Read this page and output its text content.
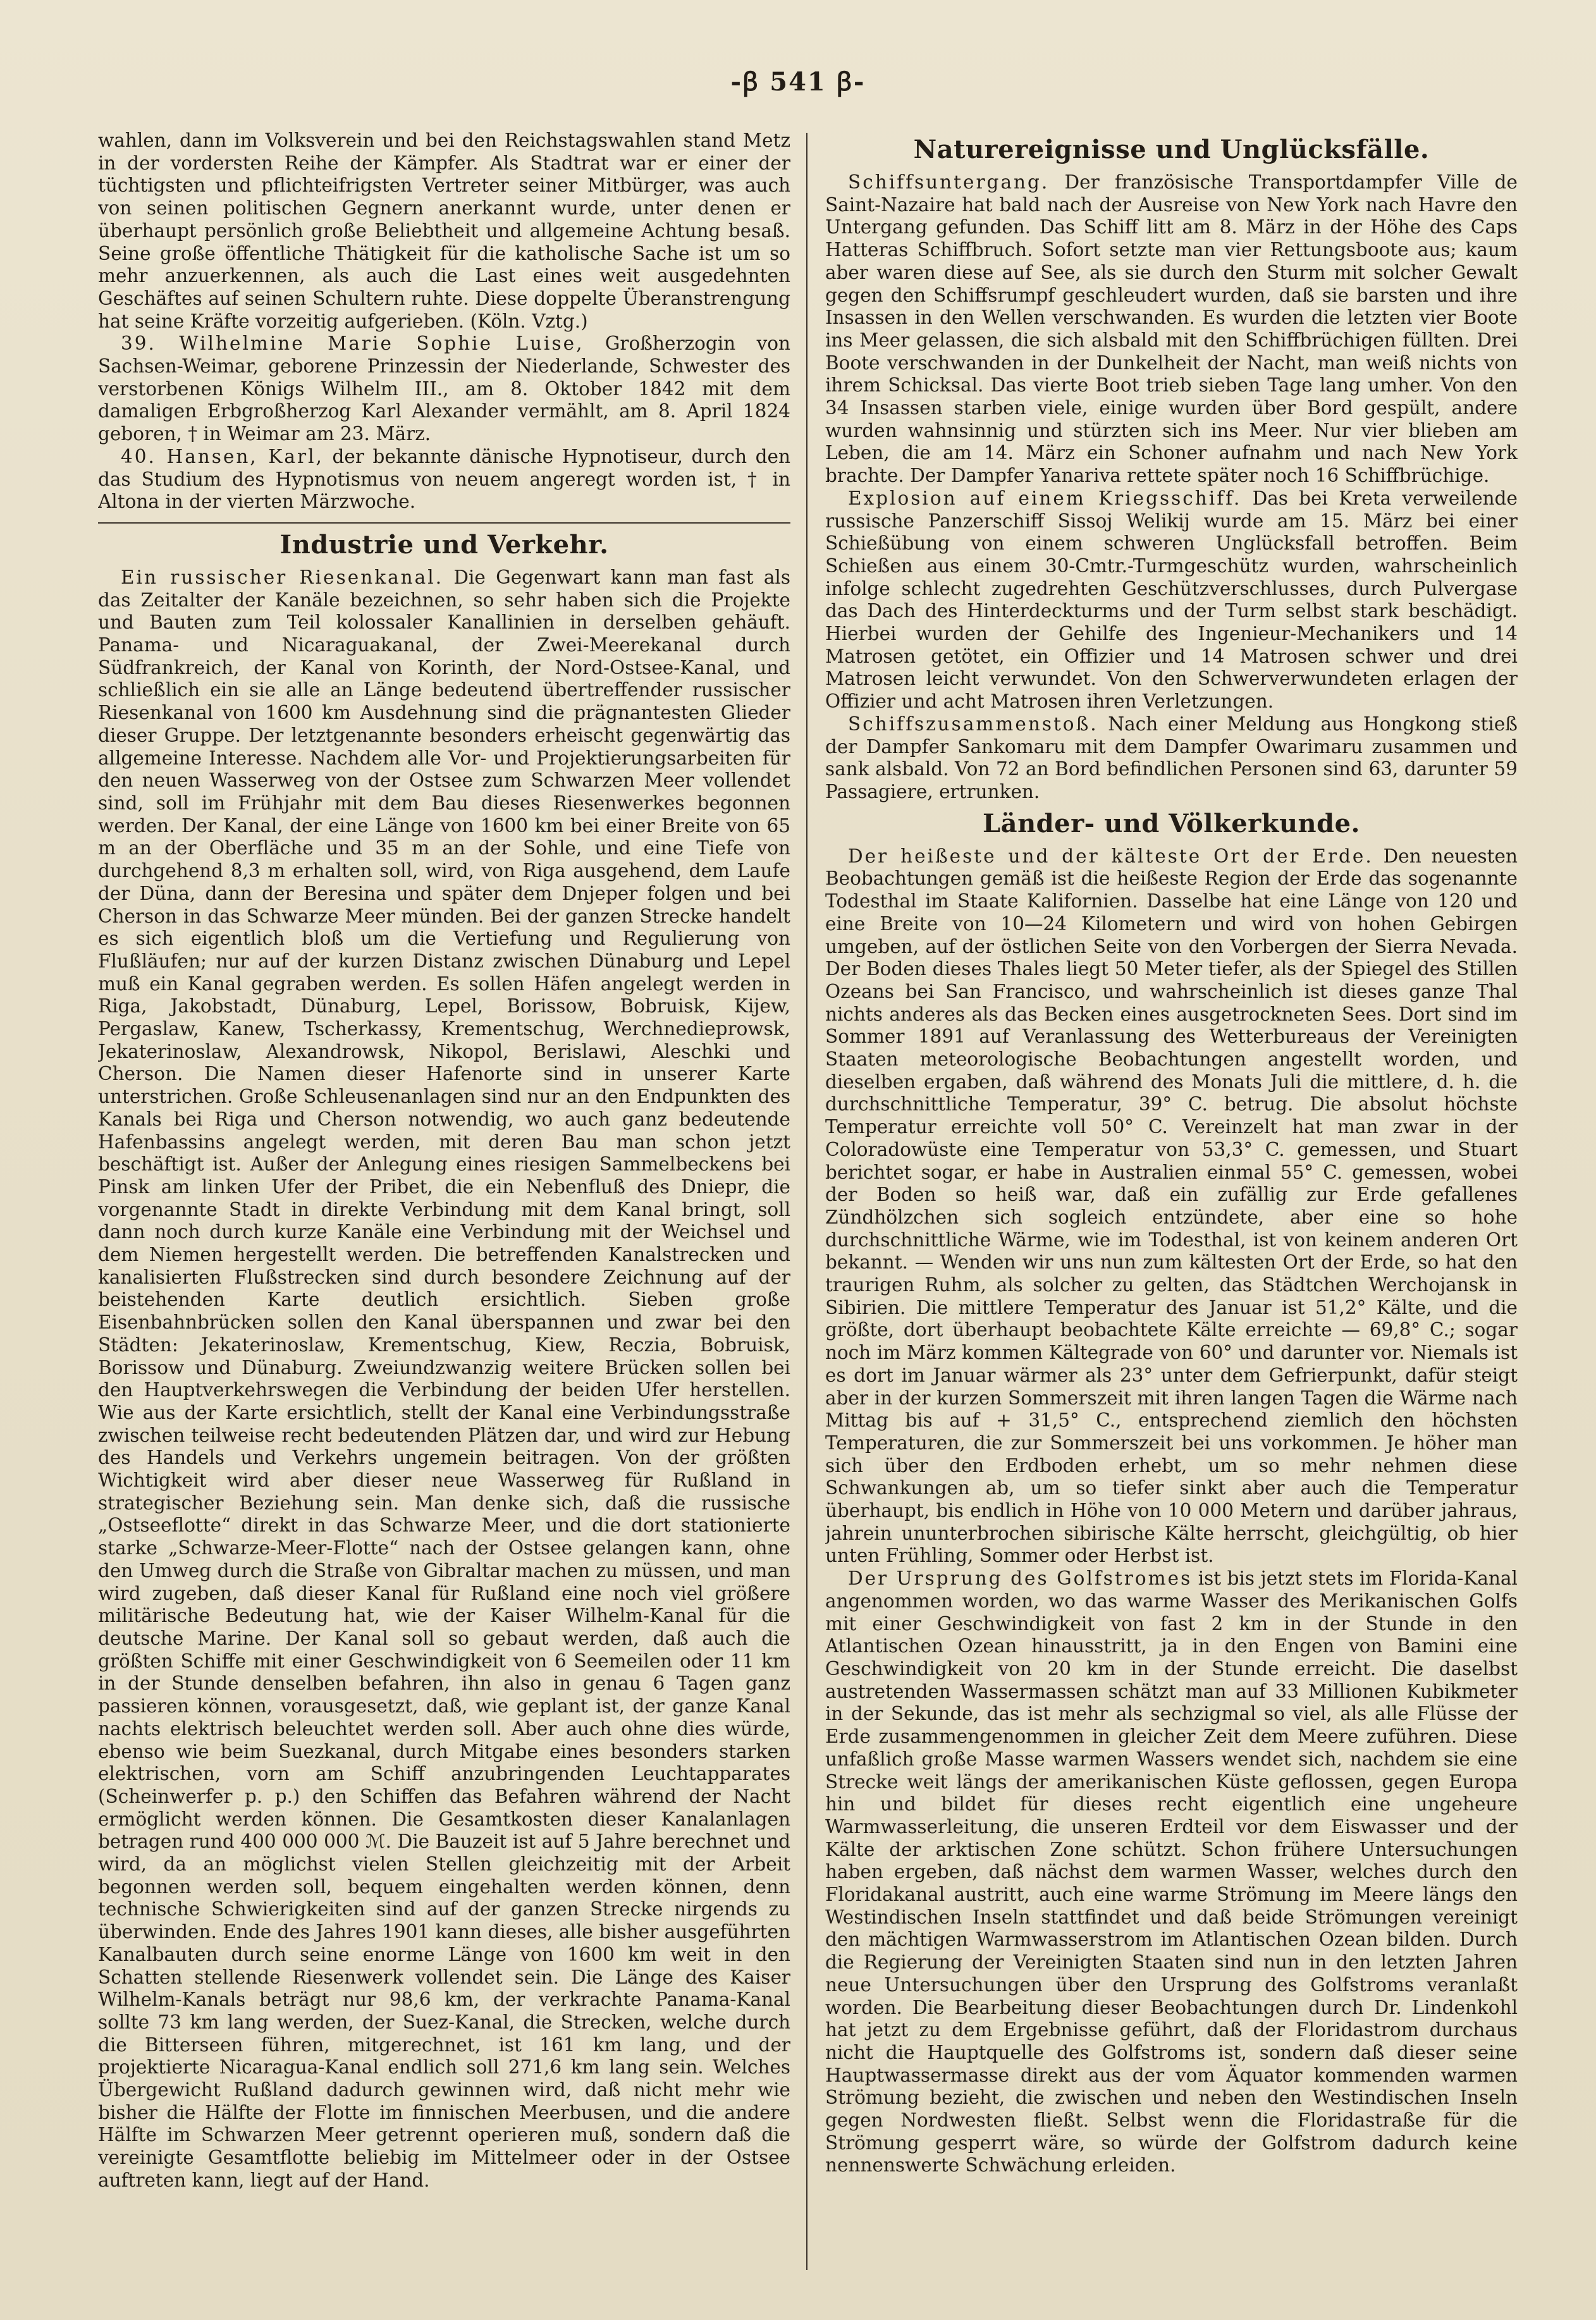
-ꞵ 541 ꞵ-

wahlen, dann im Volksverein und bei den Reichstagswahlen stand Metz in der vordersten Reihe der Kämpfer. Als Stadtrat war er einer der tüchtigsten und pflichteifrigsten Vertreter seiner Mitbürger, was auch von seinen politischen Gegnern anerkannt wurde, unter denen er überhaupt persönlich große Beliebtheit und allgemeine Achtung besaß. Seine große öffentliche Thätigkeit für die katholische Sache ist um so mehr anzuerkennen, als auch die Last eines weit ausgedehnten Geschäftes auf seinen Schultern ruhte. Diese doppelte Überanstrengung hat seine Kräfte vorzeitig aufgerieben. (Köln. Vztg.)

39. Wilhelmine Marie Sophie Luise, Großherzogin von Sachsen-Weimar, geborene Prinzessin der Niederlande, Schwester des verstorbenen Königs Wilhelm III., am 8. Oktober 1842 mit dem damaligen Erbgroßherzog Karl Alexander vermählt, am 8. April 1824 geboren, † in Weimar am 23. März.

40. Hansen, Karl, der bekannte dänische Hypnotiseur, durch den das Studium des Hypnotismus von neuem angeregt worden ist, † in Altona in der vierten Märzwoche.

Industrie und Verkehr.

Ein russischer Riesenkanal. Die Gegenwart kann man fast als das Zeitalter der Kanäle bezeichnen, so sehr haben sich die Projekte und Bauten zum Teil kolossaler Kanallinien in derselben gehäuft. Panama- und Nicaraguakanal, der Zwei-Meerekanal durch Südfrankreich, der Kanal von Korinth, der Nord-Ostsee-Kanal, und schließlich ein sie alle an Länge bedeutend übertreffender russischer Riesenkanal von 1600 km Ausdehnung sind die prägnantesten Glieder dieser Gruppe. Der letztgenannte besonders erheischt gegenwärtig das allgemeine Interesse. Nachdem alle Vor- und Projektierungsarbeiten für den neuen Wasserweg von der Ostsee zum Schwarzen Meer vollendet sind, soll im Frühjahr mit dem Bau dieses Riesenwerkes begonnen werden. Der Kanal, der eine Länge von 1600 km bei einer Breite von 65 m an der Oberfläche und 35 m an der Sohle, und eine Tiefe von durchgehend 8,3 m erhalten soll, wird, von Riga ausgehend, dem Laufe der Düna, dann der Beresina und später dem Dnjeper folgen und bei Cherson in das Schwarze Meer münden. Bei der ganzen Strecke handelt es sich eigentlich bloß um die Vertiefung und Regulierung von Flußläufen; nur auf der kurzen Distanz zwischen Dünaburg und Lepel muß ein Kanal gegraben werden. Es sollen Häfen angelegt werden in Riga, Jakobstadt, Dünaburg, Lepel, Borissow, Bobruisk, Kijew, Pergaslaw, Kanew, Tscherkassy, Krementschug, Werchnedieprowsk, Jekaterinoslaw, Alexandrowsk, Nikopol, Berislawi, Aleschki und Cherson. Die Namen dieser Hafenorte sind in unserer Karte unterstrichen. Große Schleusenanlagen sind nur an den Endpunkten des Kanals bei Riga und Cherson notwendig, wo auch ganz bedeutende Hafenbassins angelegt werden, mit deren Bau man schon jetzt beschäftigt ist. Außer der Anlegung eines riesigen Sammelbeckens bei Pinsk am linken Ufer der Pribet, die ein Nebenfluß des Dniepr, die vorgenannte Stadt in direkte Verbindung mit dem Kanal bringt, soll dann noch durch kurze Kanäle eine Verbindung mit der Weichsel und dem Niemen hergestellt werden. Die betreffenden Kanalstrecken und kanalisierten Flußstrecken sind durch besondere Zeichnung auf der beistehenden Karte deutlich ersichtlich. Sieben große Eisenbahnbrücken sollen den Kanal überspannen und zwar bei den Städten: Jekaterinoslaw, Krementschug, Kiew, Reczia, Bobruisk, Borissow und Dünaburg. Zweiundzwanzig weitere Brücken sollen bei den Hauptverkehrswegen die Verbindung der beiden Ufer herstellen. Wie aus der Karte ersichtlich, stellt der Kanal eine Verbindungsstraße zwischen teilweise recht bedeutenden Plätzen dar, und wird zur Hebung des Handels und Verkehrs ungemein beitragen. Von der größten Wichtigkeit wird aber dieser neue Wasserweg für Rußland in strategischer Beziehung sein. Man denke sich, daß die russische „Ostseeflotte“ direkt in das Schwarze Meer, und die dort stationierte starke „Schwarze-Meer-Flotte“ nach der Ostsee gelangen kann, ohne den Umweg durch die Straße von Gibraltar machen zu müssen, und man wird zugeben, daß dieser Kanal für Rußland eine noch viel größere militärische Bedeutung hat, wie der Kaiser Wilhelm-Kanal für die deutsche Marine. Der Kanal soll so gebaut werden, daß auch die größten Schiffe mit einer Geschwindigkeit von 6 Seemeilen oder 11 km in der Stunde denselben befahren, ihn also in genau 6 Tagen ganz passieren können, vorausgesetzt, daß, wie geplant ist, der ganze Kanal nachts elektrisch beleuchtet werden soll. Aber auch ohne dies würde, ebenso wie beim Suezkanal, durch Mitgabe eines besonders starken elektrischen, vorn am Schiff anzubringenden Leuchtapparates (Scheinwerfer p. p.) den Schiffen das Befahren während der Nacht ermöglicht werden können. Die Gesamtkosten dieser Kanalanlagen betragen rund 400 000 000 ℳ. Die Bauzeit ist auf 5 Jahre berechnet und wird, da an möglichst vielen Stellen gleichzeitig mit der Arbeit begonnen werden soll, bequem eingehalten werden können, denn technische Schwierigkeiten sind auf der ganzen Strecke nirgends zu überwinden. Ende des Jahres 1901 kann dieses, alle bisher ausgeführten Kanalbauten durch seine enorme Länge von 1600 km weit in den Schatten stellende Riesenwerk vollendet sein. Die Länge des Kaiser Wilhelm-Kanals beträgt nur 98,6 km, der verkrachte Panama-Kanal sollte 73 km lang werden, der Suez-Kanal, die Strecken, welche durch die Bitterseen führen, mitgerechnet, ist 161 km lang, und der projektierte Nicaragua-Kanal endlich soll 271,6 km lang sein. Welches Übergewicht Rußland dadurch gewinnen wird, daß nicht mehr wie bisher die Hälfte der Flotte im finnischen Meerbusen, und die andere Hälfte im Schwarzen Meer getrennt operieren muß, sondern daß die vereinigte Gesamtflotte beliebig im Mittelmeer oder in der Ostsee auftreten kann, liegt auf der Hand.

Naturereignisse und Unglücksfälle.

Schiffsuntergang. Der französische Transportdampfer Ville de Saint-Nazaire hat bald nach der Ausreise von New York nach Havre den Untergang gefunden. Das Schiff litt am 8. März in der Höhe des Caps Hatteras Schiffbruch. Sofort setzte man vier Rettungsboote aus; kaum aber waren diese auf See, als sie durch den Sturm mit solcher Gewalt gegen den Schiffsrumpf geschleudert wurden, daß sie barsten und ihre Insassen in den Wellen verschwanden. Es wurden die letzten vier Boote ins Meer gelassen, die sich alsbald mit den Schiffbrüchigen füllten. Drei Boote verschwanden in der Dunkelheit der Nacht, man weiß nichts von ihrem Schicksal. Das vierte Boot trieb sieben Tage lang umher. Von den 34 Insassen starben viele, einige wurden über Bord gespült, andere wurden wahnsinnig und stürzten sich ins Meer. Nur vier blieben am Leben, die am 14. März ein Schoner aufnahm und nach New York brachte. Der Dampfer Yanariva rettete später noch 16 Schiffbrüchige.

Explosion auf einem Kriegsschiff. Das bei Kreta verweilende russische Panzerschiff Sissoj Welikij wurde am 15. März bei einer Schießübung von einem schweren Unglücksfall betroffen. Beim Schießen aus einem 30-Cmtr.-Turmgeschütz wurden, wahrscheinlich infolge schlecht zugedrehten Geschützverschlusses, durch Pulvergase das Dach des Hinterdeckturms und der Turm selbst stark beschädigt. Hierbei wurden der Gehilfe des Ingenieur-Mechanikers und 14 Matrosen getötet, ein Offizier und 14 Matrosen schwer und drei Matrosen leicht verwundet. Von den Schwerverwundeten erlagen der Offizier und acht Matrosen ihren Verletzungen.

Schiffszusammenstoß. Nach einer Meldung aus Hongkong stieß der Dampfer Sankomaru mit dem Dampfer Owarimaru zusammen und sank alsbald. Von 72 an Bord befindlichen Personen sind 63, darunter 59 Passagiere, ertrunken.

Länder- und Völkerkunde.

Der heißeste und der kälteste Ort der Erde. Den neuesten Beobachtungen gemäß ist die heißeste Region der Erde das sogenannte Todesthal im Staate Kalifornien. Dasselbe hat eine Länge von 120 und eine Breite von 10—24 Kilometern und wird von hohen Gebirgen umgeben, auf der östlichen Seite von den Vorbergen der Sierra Nevada. Der Boden dieses Thales liegt 50 Meter tiefer, als der Spiegel des Stillen Ozeans bei San Francisco, und wahrscheinlich ist dieses ganze Thal nichts anderes als das Becken eines ausgetrockneten Sees. Dort sind im Sommer 1891 auf Veranlassung des Wetterbureaus der Vereinigten Staaten meteorologische Beobachtungen angestellt worden, und dieselben ergaben, daß während des Monats Juli die mittlere, d. h. die durchschnittliche Temperatur, 39° C. betrug. Die absolut höchste Temperatur erreichte voll 50° C. Vereinzelt hat man zwar in der Coloradowüste eine Temperatur von 53,3° C. gemessen, und Stuart berichtet sogar, er habe in Australien einmal 55° C. gemessen, wobei der Boden so heiß war, daß ein zufällig zur Erde gefallenes Zündhölzchen sich sogleich entzündete, aber eine so hohe durchschnittliche Wärme, wie im Todesthal, ist von keinem anderen Ort bekannt. — Wenden wir uns nun zum kältesten Ort der Erde, so hat den traurigen Ruhm, als solcher zu gelten, das Städtchen Werchojansk in Sibirien. Die mittlere Temperatur des Januar ist 51,2° Kälte, und die größte, dort überhaupt beobachtete Kälte erreichte — 69,8° C.; sogar noch im März kommen Kältegrade von 60° und darunter vor. Niemals ist es dort im Januar wärmer als 23° unter dem Gefrierpunkt, dafür steigt aber in der kurzen Sommerszeit mit ihren langen Tagen die Wärme nach Mittag bis auf + 31,5° C., entsprechend ziemlich den höchsten Temperaturen, die zur Sommerszeit bei uns vorkommen. Je höher man sich über den Erdboden erhebt, um so mehr nehmen diese Schwankungen ab, um so tiefer sinkt aber auch die Temperatur überhaupt, bis endlich in Höhe von 10 000 Metern und darüber jahraus, jahrein ununterbrochen sibirische Kälte herrscht, gleichgültig, ob hier unten Frühling, Sommer oder Herbst ist.

Der Ursprung des Golfstromes ist bis jetzt stets im Florida-Kanal angenommen worden, wo das warme Wasser des Merikanischen Golfs mit einer Geschwindigkeit von fast 2 km in der Stunde in den Atlantischen Ozean hinausstritt, ja in den Engen von Bamini eine Geschwindigkeit von 20 km in der Stunde erreicht. Die daselbst austretenden Wassermassen schätzt man auf 33 Millionen Kubikmeter in der Sekunde, das ist mehr als sechzigmal so viel, als alle Flüsse der Erde zusammengenommen in gleicher Zeit dem Meere zuführen. Diese unfaßlich große Masse warmen Wassers wendet sich, nachdem sie eine Strecke weit längs der amerikanischen Küste geflossen, gegen Europa hin und bildet für dieses recht eigentlich eine ungeheure Warmwasserleitung, die unseren Erdteil vor dem Eiswasser und der Kälte der arktischen Zone schützt. Schon frühere Untersuchungen haben ergeben, daß nächst dem warmen Wasser, welches durch den Floridakanal austritt, auch eine warme Strömung im Meere längs den Westindischen Inseln stattfindet und daß beide Strömungen vereinigt den mächtigen Warmwasserstrom im Atlantischen Ozean bilden. Durch die Regierung der Vereinigten Staaten sind nun in den letzten Jahren neue Untersuchungen über den Ursprung des Golfstroms veranlaßt worden. Die Bearbeitung dieser Beobachtungen durch Dr. Lindenkohl hat jetzt zu dem Ergebnisse geführt, daß der Floridastrom durchaus nicht die Hauptquelle des Golfstroms ist, sondern daß dieser seine Hauptwassermasse direkt aus der vom Äquator kommenden warmen Strömung bezieht, die zwischen und neben den Westindischen Inseln gegen Nordwesten fließt. Selbst wenn die Floridastraße für die Strömung gesperrt wäre, so würde der Golfstrom dadurch keine nennenswerte Schwächung erleiden.
